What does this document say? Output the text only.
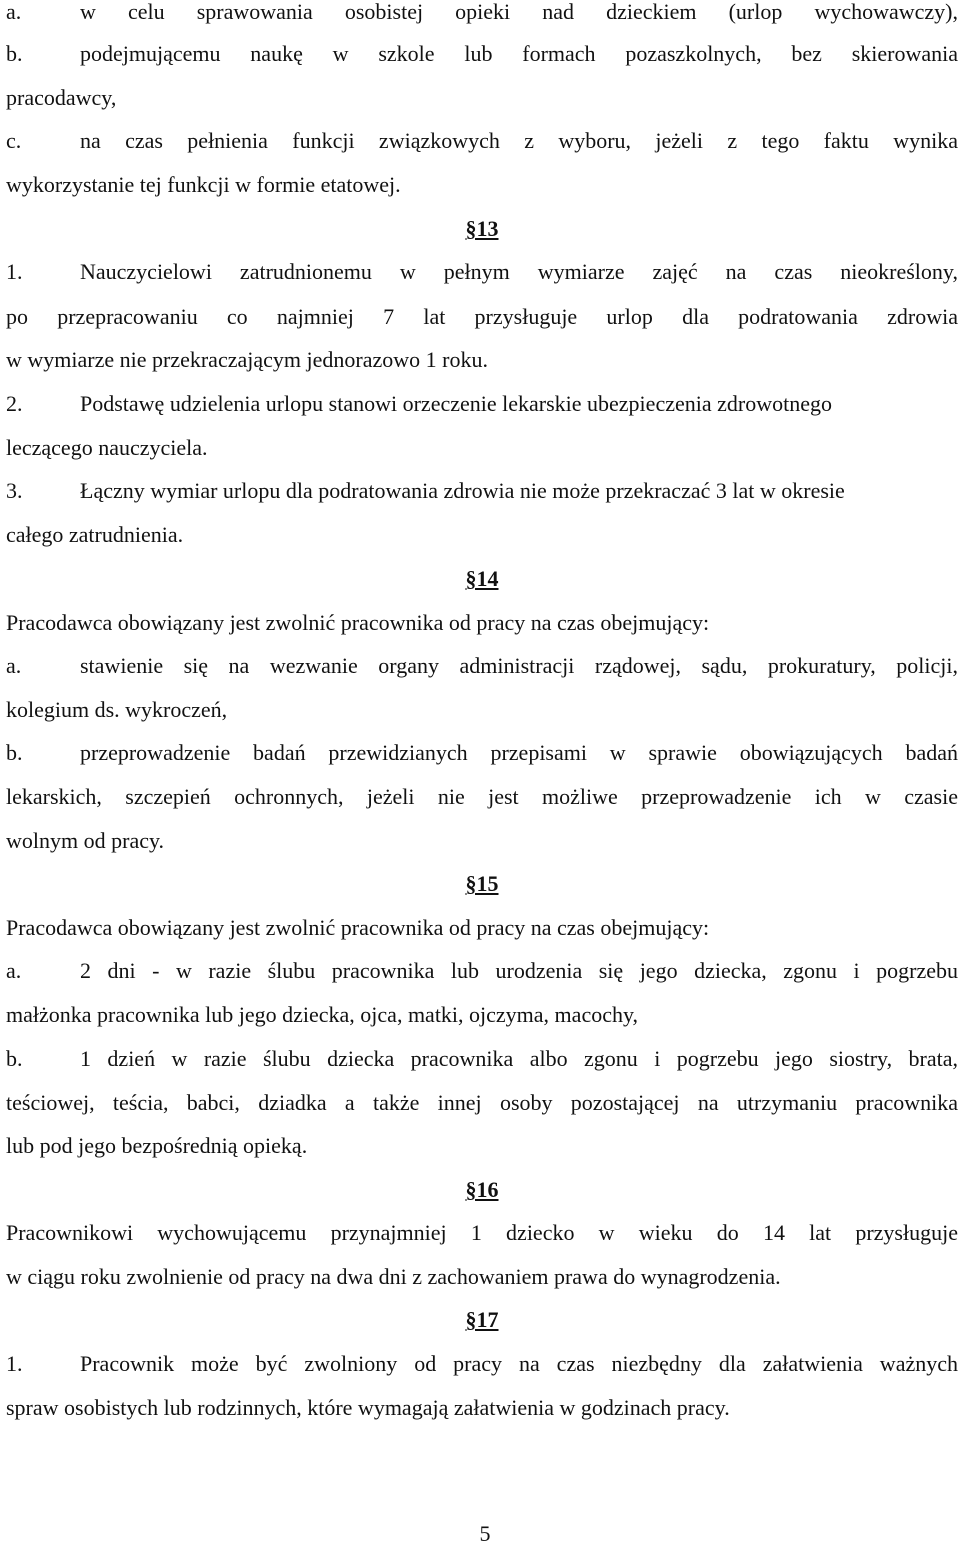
a.	w celu sprawowania osobistej opieki nad dzieckiem (urlop wychowawczy),
b.	podejmującemu naukę w szkole lub formach pozaszkolnych, bez skierowania
pracodawcy,
c.	na czas pełnienia funkcji związkowych z wyboru, jeżeli z tego faktu wynika
wykorzystanie tej funkcji w formie etatowej.
§13
1.	Nauczycielowi zatrudnionemu w pełnym wymiarze zajęć na czas nieokreślony,
po przepracowaniu co najmniej 7 lat przysługuje urlop dla podratowania zdrowia
w wymiarze nie przekraczającym jednorazowo 1 roku.
2.	Podstawę udzielenia urlopu stanowi orzeczenie lekarskie ubezpieczenia zdrowotnego
leczącego nauczyciela.
3.	Łączny wymiar urlopu dla podratowania zdrowia nie może przekraczać 3 lat w okresie
całego zatrudnienia.
§14
Pracodawca obowiązany jest zwolnić pracownika od pracy na czas obejmujący:
a.	stawienie się na wezwanie organy administracji rządowej, sądu, prokuratury, policji,
kolegium ds. wykroczeń,
b.	przeprowadzenie badań przewidzianych przepisami w sprawie obowiązujących badań
lekarskich, szczepień ochronnych, jeżeli nie jest możliwe przeprowadzenie ich w czasie
wolnym od pracy.
§15
Pracodawca obowiązany jest zwolnić pracownika od pracy na czas obejmujący:
a.	2 dni - w razie ślubu pracownika lub urodzenia się jego dziecka, zgonu i pogrzebu
małżonka pracownika lub jego dziecka, ojca, matki, ojczyma, macochy,
b.	1 dzień w razie ślubu dziecka pracownika albo zgonu i pogrzebu jego siostry, brata,
teściowej, teścia, babci, dziadka a także innej osoby pozostającej na utrzymaniu pracownika
lub pod jego bezpośrednią opieką.
§16
Pracownikowi wychowującemu przynajmniej 1 dziecko w wieku do 14 lat przysługuje
w ciągu roku zwolnienie od pracy na dwa dni z zachowaniem prawa do wynagrodzenia.
§17
1.	Pracownik może być zwolniony od pracy na czas niezbędny dla załatwienia ważnych
spraw osobistych lub rodzinnych, które wymagają załatwienia w godzinach pracy.
5
